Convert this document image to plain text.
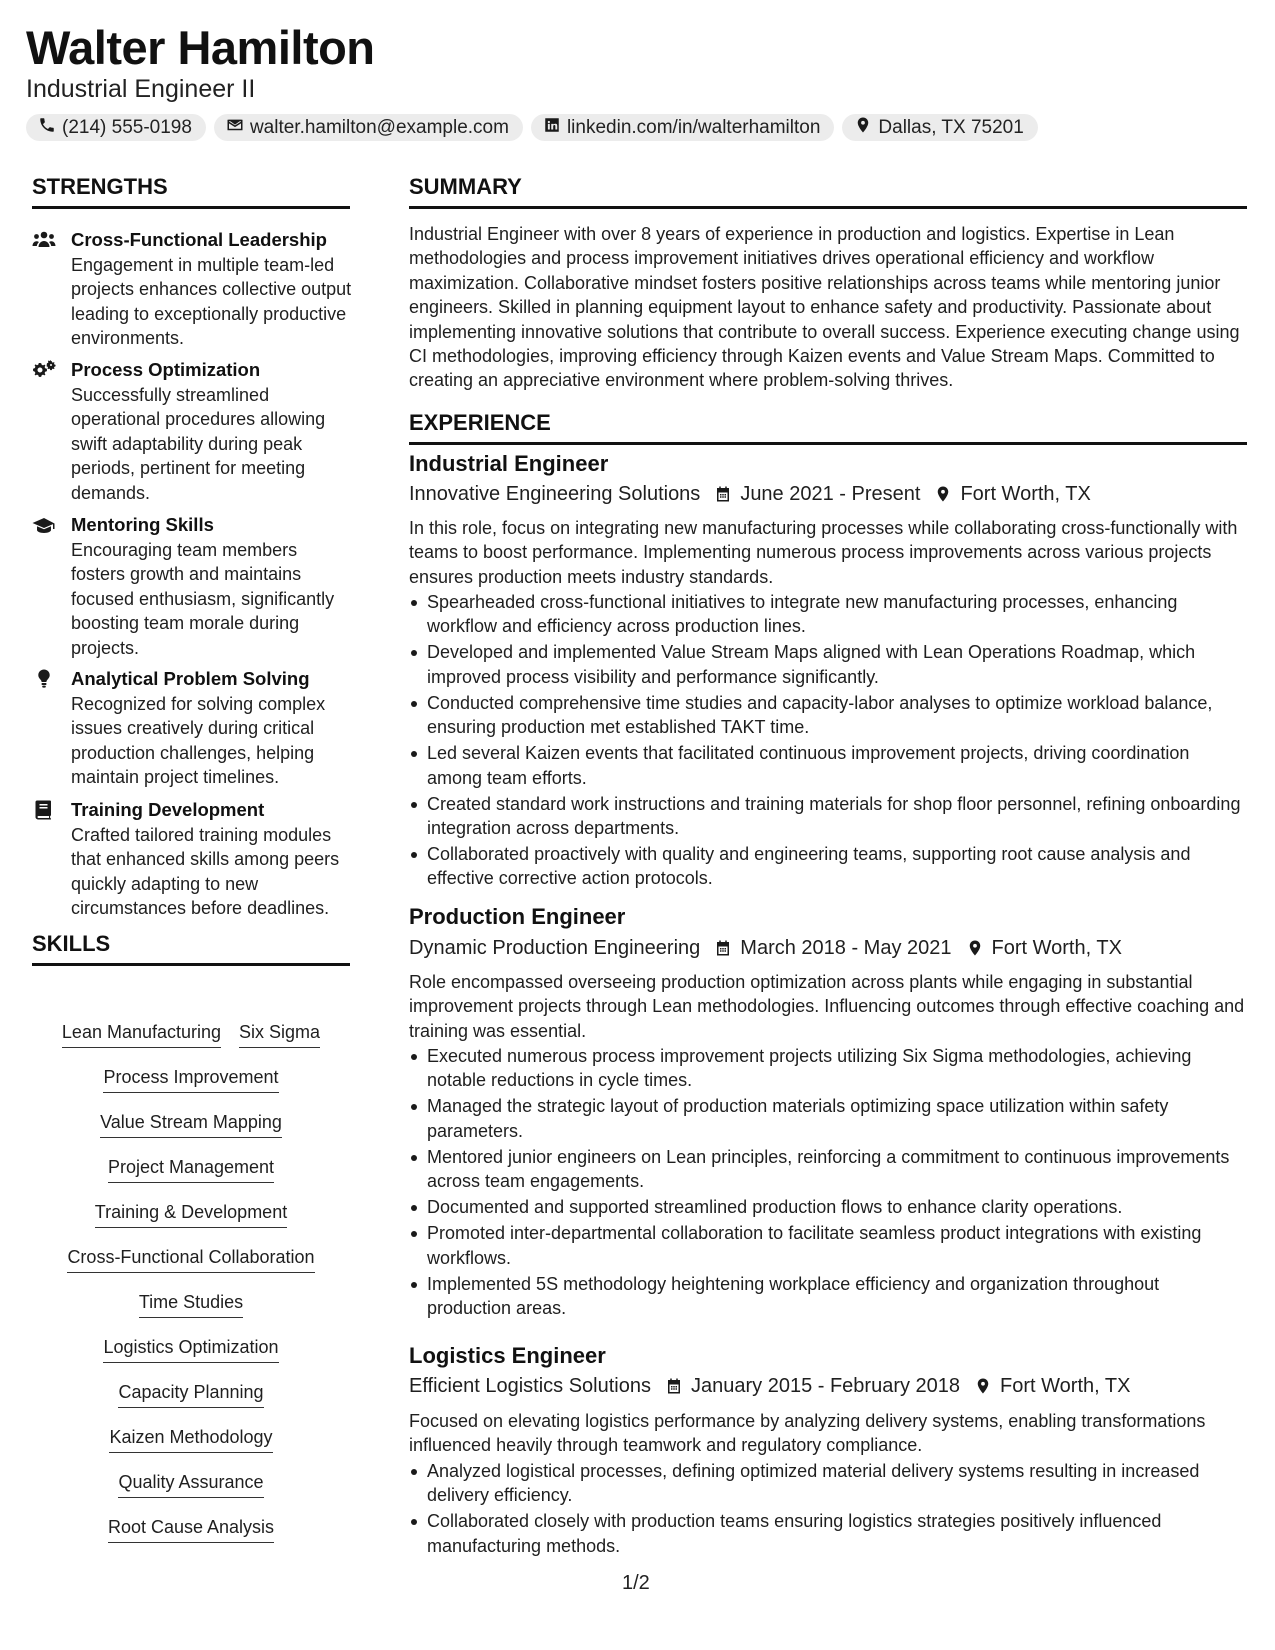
Walter Hamilton
Industrial Engineer II
(214) 555-0198	walter.hamilton@example.com	linkedin.com/in/walterhamilton	Dallas, TX 75201
STRENGTHS
Cross-Functional Leadership
Engagement in multiple team-led projects enhances collective output leading to exceptionally productive environments.
Process Optimization
Successfully streamlined operational procedures allowing swift adaptability during peak periods, pertinent for meeting demands.
Mentoring Skills
Encouraging team members fosters growth and maintains focused enthusiasm, significantly boosting team morale during projects.
Analytical Problem Solving
Recognized for solving complex issues creatively during critical production challenges, helping maintain project timelines.
Training Development
Crafted tailored training modules that enhanced skills among peers quickly adapting to new circumstances before deadlines.
SKILLS
Lean Manufacturing Six Sigma
Process Improvement
Value Stream Mapping
Project Management
Training & Development
Cross-Functional Collaboration
Time Studies
Logistics Optimization
Capacity Planning
Kaizen Methodology
Quality Assurance
Root Cause Analysis
SUMMARY
Industrial Engineer with over 8 years of experience in production and logistics. Expertise in Lean methodologies and process improvement initiatives drives operational efficiency and workflow maximization. Collaborative mindset fosters positive relationships across teams while mentoring junior engineers. Skilled in planning equipment layout to enhance safety and productivity. Passionate about implementing innovative solutions that contribute to overall success. Experience executing change using CI methodologies, improving efficiency through Kaizen events and Value Stream Maps. Committed to creating an appreciative environment where problem-solving thrives.
EXPERIENCE
Industrial Engineer
Innovative Engineering Solutions June 2021 - Present Fort Worth, TX
In this role, focus on integrating new manufacturing processes while collaborating cross-functionally with teams to boost performance. Implementing numerous process improvements across various projects ensures production meets industry standards.
Spearheaded cross-functional initiatives to integrate new manufacturing processes, enhancing workflow and efficiency across production lines.
Developed and implemented Value Stream Maps aligned with Lean Operations Roadmap, which improved process visibility and performance significantly.
Conducted comprehensive time studies and capacity-labor analyses to optimize workload balance, ensuring production met established TAKT time.
Led several Kaizen events that facilitated continuous improvement projects, driving coordination among team efforts.
Created standard work instructions and training materials for shop floor personnel, refining onboarding integration across departments.
Collaborated proactively with quality and engineering teams, supporting root cause analysis and effective corrective action protocols.
Production Engineer
Dynamic Production Engineering March 2018 - May 2021 Fort Worth, TX
Role encompassed overseeing production optimization across plants while engaging in substantial improvement projects through Lean methodologies. Influencing outcomes through effective coaching and training was essential.
Executed numerous process improvement projects utilizing Six Sigma methodologies, achieving notable reductions in cycle times.
Managed the strategic layout of production materials optimizing space utilization within safety parameters.
Mentored junior engineers on Lean principles, reinforcing a commitment to continuous improvements across team engagements.
Documented and supported streamlined production flows to enhance clarity operations.
Promoted inter-departmental collaboration to facilitate seamless product integrations with existing workflows.
Implemented 5S methodology heightening workplace efficiency and organization throughout production areas.
Logistics Engineer
Efficient Logistics Solutions January 2015 - February 2018 Fort Worth, TX
Focused on elevating logistics performance by analyzing delivery systems, enabling transformations influenced heavily through teamwork and regulatory compliance.
Analyzed logistical processes, defining optimized material delivery systems resulting in increased delivery efficiency.
Collaborated closely with production teams ensuring logistics strategies positively influenced manufacturing methods.
1/2
